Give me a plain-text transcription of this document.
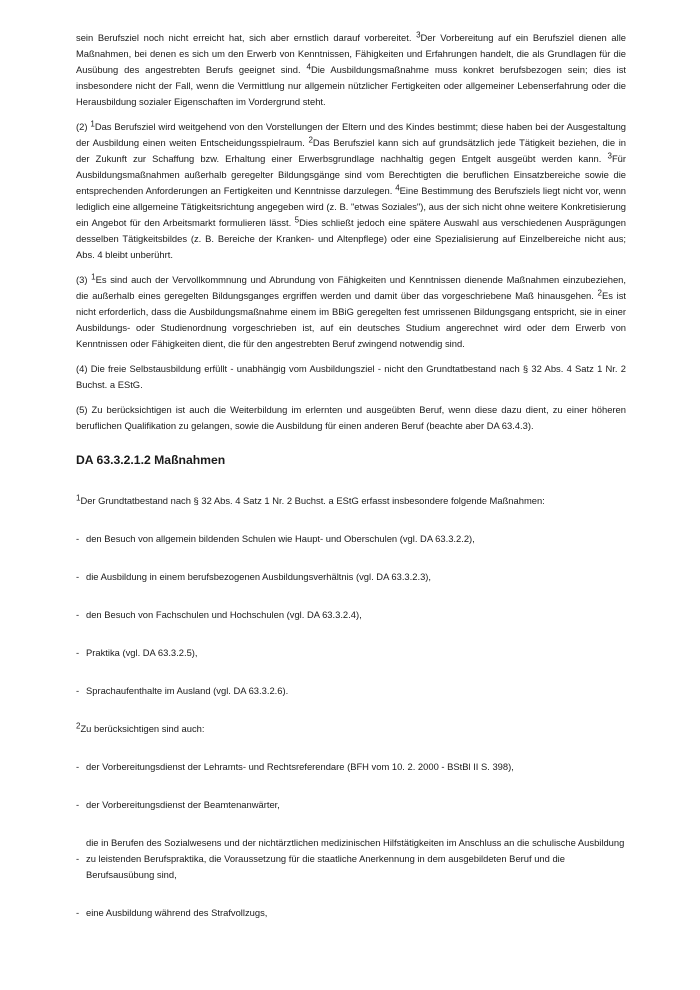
sein Berufsziel noch nicht erreicht hat, sich aber ernstlich darauf vorbereitet. $^3$Der Vorbereitung auf ein Berufsziel dienen alle Maßnahmen, bei denen es sich um den Erwerb von Kenntnissen, Fähigkeiten und Erfahrungen handelt, die als Grundlagen für die Ausübung des angestrebten Berufs geeignet sind. $^4$Die Ausbildungsmaßnahme muss konkret berufsbezogen sein; dies ist insbesondere nicht der Fall, wenn die Vermittlung nur allgemein nützlicher Fertigkeiten oder allgemeiner Lebenserfahrung oder die Herausbildung sozialer Eigenschaften im Vordergrund steht.

(2) $^1$Das Berufsziel wird weitgehend von den Vorstellungen der Eltern und des Kindes bestimmt; diese haben bei der Ausgestaltung der Ausbildung einen weiten Entscheidungsspielraum. $^2$Das Berufsziel kann sich auf grundsätzlich jede Tätigkeit beziehen, die in der Zukunft zur Schaffung bzw. Erhaltung einer Erwerbsgrundlage nachhaltig gegen Entgelt ausgeübt werden kann. $^3$Für Ausbildungsmaßnahmen außerhalb geregelter Bildungsgänge sind vom Berechtigten die beruflichen Einsatzbereiche sowie die entsprechenden Anforderungen an Fertigkeiten und Kenntnisse darzulegen. $^4$Eine Bestimmung des Berufsziels liegt nicht vor, wenn lediglich eine allgemeine Tätigkeitsrichtung angegeben wird (z. B. "etwas Soziales"), aus der sich nicht ohne weitere Konkretisierung ein Angebot für den Arbeitsmarkt formulieren lässt. $^5$Dies schließt jedoch eine spätere Auswahl aus verschiedenen Ausprägungen desselben Tätigkeitsbildes (z. B. Bereiche der Kranken- und Altenpflege) oder eine Spezialisierung auf Einzelbereiche nicht aus; Abs. 4 bleibt unberührt.

(3) $^1$Es sind auch der Vervollkommnung und Abrundung von Fähigkeiten und Kenntnissen dienende Maßnahmen einzubeziehen, die außerhalb eines geregelten Bildungsganges ergriffen werden und damit über das vorgeschriebene Maß hinausgehen. $^2$Es ist nicht erforderlich, dass die Ausbildungsmaßnahme einem im BBiG geregelten fest umrissenen Bildungsgang entspricht, sie in einer Ausbildungs- oder Studienordnung vorgeschrieben ist, auf ein deutsches Studium angerechnet wird oder dem Erwerb von Kenntnissen oder Fähigkeiten dient, die für den angestrebten Beruf zwingend notwendig sind.

(4) Die freie Selbstausbildung erfüllt - unabhängig vom Ausbildungsziel - nicht den Grundtatbestand nach § 32 Abs. 4 Satz 1 Nr. 2 Buchst. a EStG.

(5) Zu berücksichtigen ist auch die Weiterbildung im erlernten und ausgeübten Beruf, wenn diese dazu dient, zu einer höheren beruflichen Qualifikation zu gelangen, sowie die Ausbildung für einen anderen Beruf (beachte aber DA 63.4.3).

DA 63.3.2.1.2 Maßnahmen

$^1$Der Grundtatbestand nach § 32 Abs. 4 Satz 1 Nr. 2 Buchst. a EStG erfasst insbesondere folgende Maßnahmen:

- den Besuch von allgemein bildenden Schulen wie Haupt- und Oberschulen (vgl. DA 63.3.2.2),
- die Ausbildung in einem berufsbezogenen Ausbildungsverhältnis (vgl. DA 63.3.2.3),
- den Besuch von Fachschulen und Hochschulen (vgl. DA 63.3.2.4),
- Praktika (vgl. DA 63.3.2.5),
- Sprachaufenthalte im Ausland (vgl. DA 63.3.2.6).

$^2$Zu berücksichtigen sind auch:

- der Vorbereitungsdienst der Lehramts- und Rechtsreferendare (BFH vom 10. 2. 2000 - BStBl II S. 398),
- der Vorbereitungsdienst der Beamtenanwärter,
-
die in Berufen des Sozialwesens und der nichtärztlichen medizinischen Hilfstätigkeiten im Anschluss an die schulische Ausbildung zu leistenden Berufspraktika, die Voraussetzung für die staatliche Anerkennung in dem ausgebildeten Beruf und die Berufsausübung sind,
- eine Ausbildung während des Strafvollzugs,
